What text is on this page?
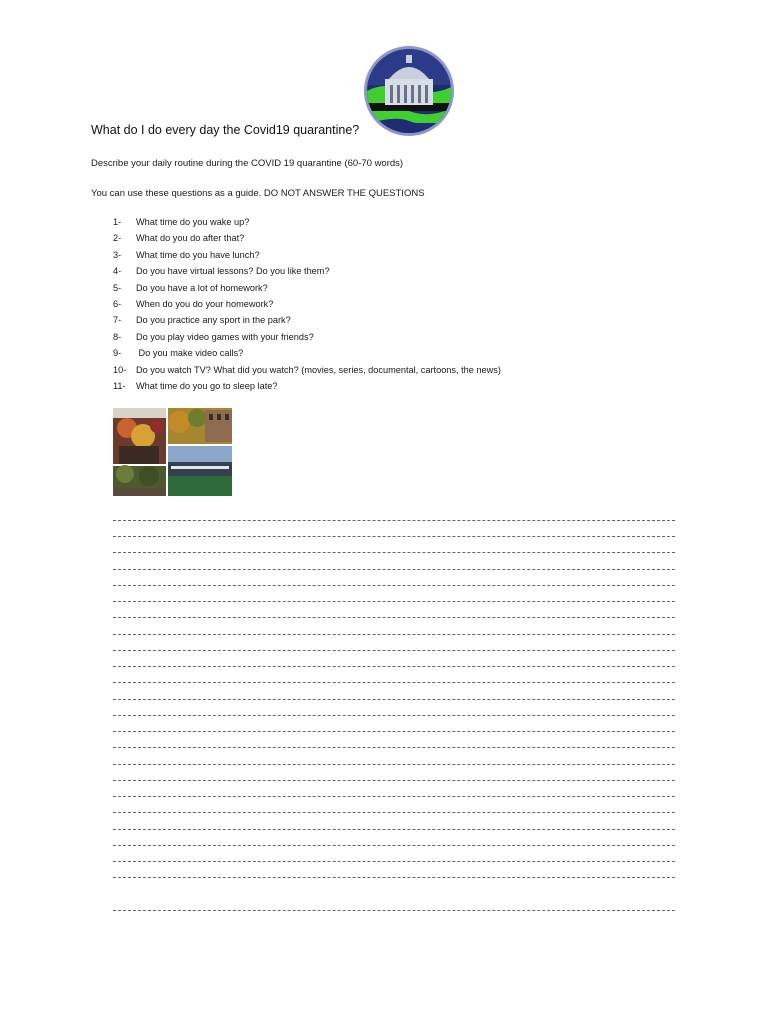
What do I do every day the Covid19 quarantine?

Describe your daily routine during the COVID 19 quarantine (60-70 words)

You can use these questions as a guide. DO NOT ANSWER THE QUESTIONS

1-	What time do you wake up?
2-	What do you do after that?
3-	What time do you have lunch?
4-	Do you have virtual lessons? Do you like them?
5-	Do you have a lot of homework?
6-	When do you do your homework?
7-	Do you practice any sport in the park?
8-	Do you play video games with your friends?
9-	Do you make video calls?
10-	Do you watch TV? What did you watch? (movies, series, documental, cartoons, the news)
11-	What time do you go to sleep late?
